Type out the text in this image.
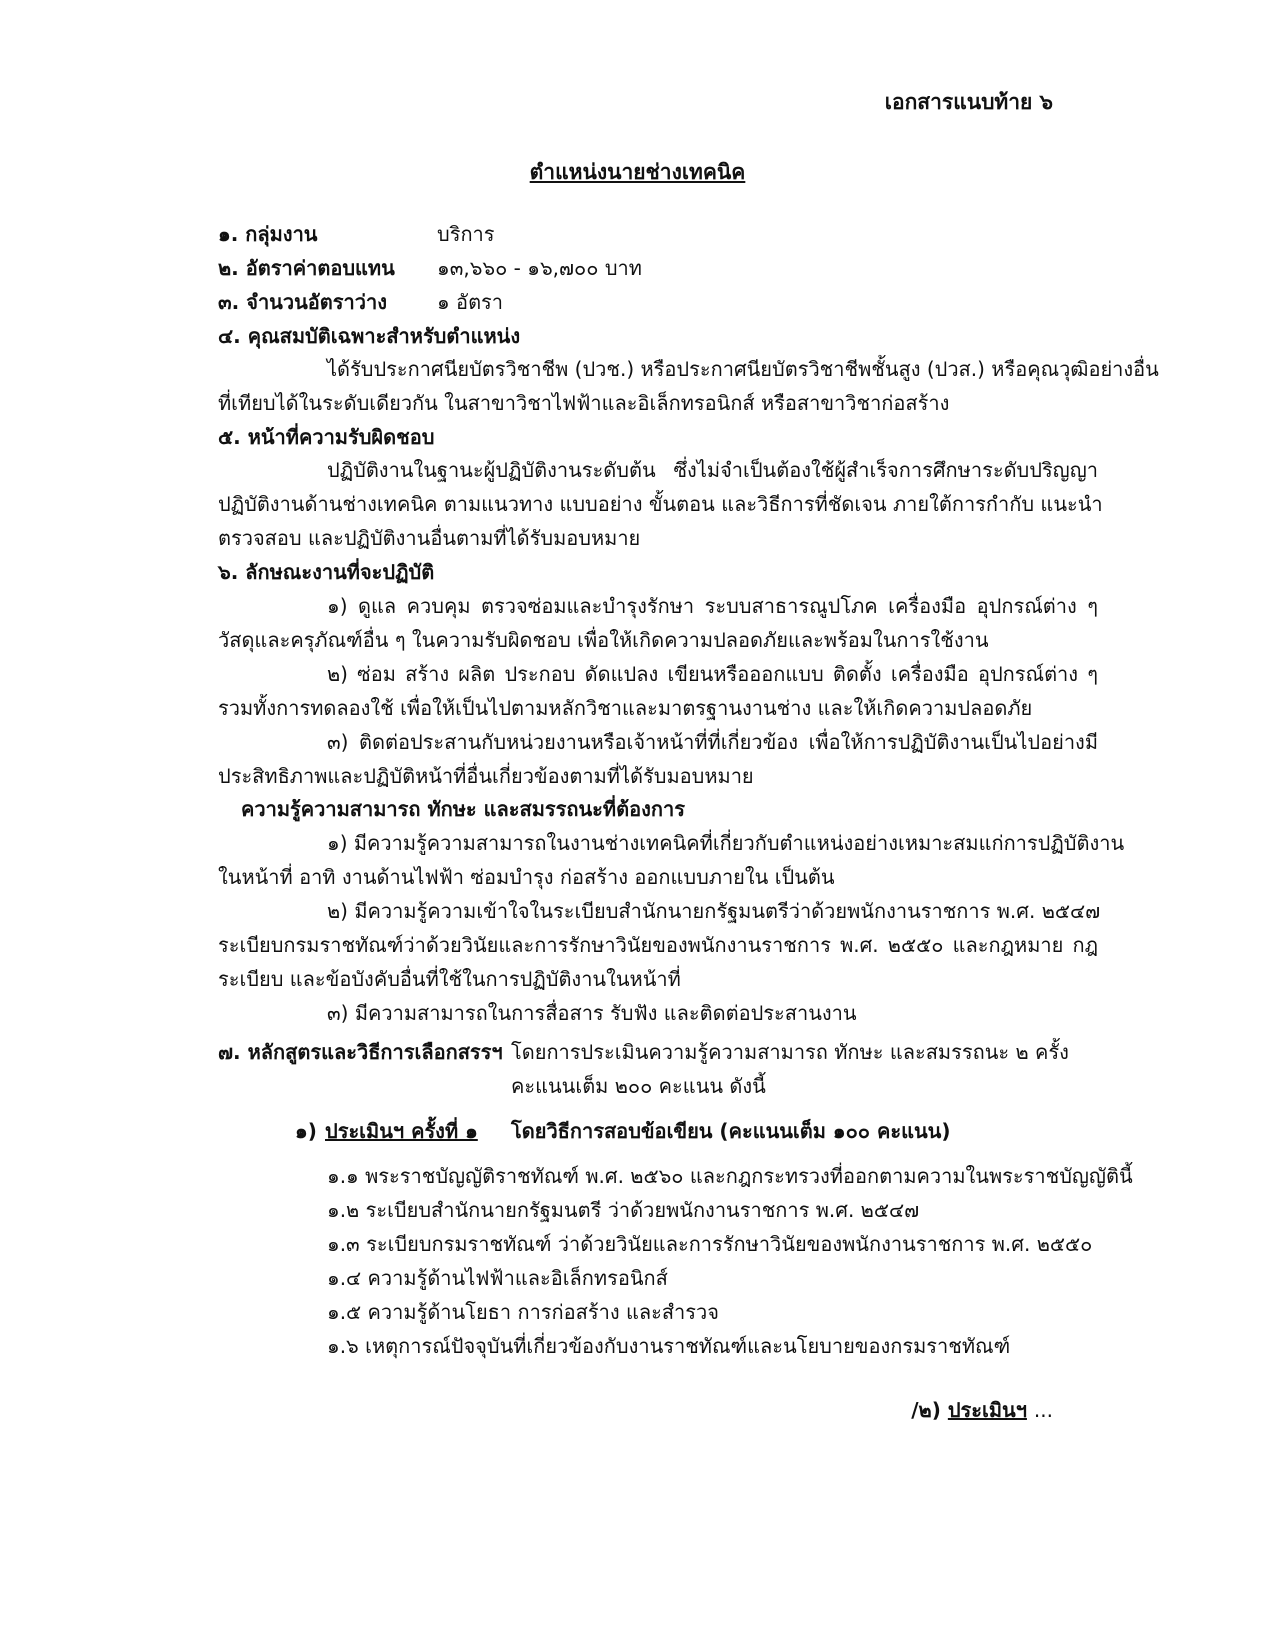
เอกสารแนบท้าย ๖
ตำแหน่งนายช่างเทคนิค
๑. กลุ่มงาน	บริการ
๒. อัตราค่าตอบแทน ๑๓,๖๖๐ - ๑๖,๗๐๐ บาท
๓. จำนวนอัตราว่าง	๑ อัตรา
๔. คุณสมบัติเฉพาะสำหรับตำแหน่ง
ได้รับประกาศนียบัตรวิชาชีพ (ปวช.) หรือประกาศนียบัตรวิชาชีพชั้นสูง (ปวส.) หรือคุณวุฒิอย่างอื่น
ที่เทียบได้ในระดับเดียวกัน ในสาขาวิชาไฟฟ้าและอิเล็กทรอนิกส์ หรือสาขาวิชาก่อสร้าง
๕. หน้าที่ความรับผิดชอบ
ปฏิบัติงานในฐานะผู้ปฏิบัติงานระดับต้น ซึ่งไม่จำเป็นต้องใช้ผู้สำเร็จการศึกษาระดับปริญญา
ปฏิบัติงานด้านช่างเทคนิค ตามแนวทาง แบบอย่าง ขั้นตอน และวิธีการที่ชัดเจน ภายใต้การกำกับ แนะนำ
ตรวจสอบ และปฏิบัติงานอื่นตามที่ได้รับมอบหมาย
๖. ลักษณะงานที่จะปฏิบัติ
๑) ดูแล ควบคุม ตรวจซ่อมและบำรุงรักษา ระบบสาธารณูปโภค เครื่องมือ อุปกรณ์ต่าง ๆ
วัสดุและครุภัณฑ์อื่น ๆ ในความรับผิดชอบ เพื่อให้เกิดความปลอดภัยและพร้อมในการใช้งาน
๒) ซ่อม สร้าง ผลิต ประกอบ ดัดแปลง เขียนหรือออกแบบ ติดตั้ง เครื่องมือ อุปกรณ์ต่าง ๆ
รวมทั้งการทดลองใช้ เพื่อให้เป็นไปตามหลักวิชาและมาตรฐานงานช่าง และให้เกิดความปลอดภัย
๓) ติดต่อประสานกับหน่วยงานหรือเจ้าหน้าที่ที่เกี่ยวข้อง เพื่อให้การปฏิบัติงานเป็นไปอย่างมี
ประสิทธิภาพและปฏิบัติหน้าที่อื่นเกี่ยวข้องตามที่ได้รับมอบหมาย
ความรู้ความสามารถ ทักษะ และสมรรถนะที่ต้องการ
๑) มีความรู้ความสามารถในงานช่างเทคนิคที่เกี่ยวกับตำแหน่งอย่างเหมาะสมแก่การปฏิบัติงาน
ในหน้าที่ อาทิ งานด้านไฟฟ้า ซ่อมบำรุง ก่อสร้าง ออกแบบภายใน เป็นต้น
๒) มีความรู้ความเข้าใจในระเบียบสำนักนายกรัฐมนตรีว่าด้วยพนักงานราชการ พ.ศ. ๒๕๔๗
ระเบียบกรมราชทัณฑ์ว่าด้วยวินัยและการรักษาวินัยของพนักงานราชการ พ.ศ. ๒๕๕๐ และกฎหมาย กฎ
ระเบียบ และข้อบังคับอื่นที่ใช้ในการปฏิบัติงานในหน้าที่
๓) มีความสามารถในการสื่อสาร รับฟัง และติดต่อประสานงาน
๗. หลักสูตรและวิธีการเลือกสรรฯ โดยการประเมินความรู้ความสามารถ ทักษะ และสมรรถนะ ๒ ครั้ง
คะแนนเต็ม ๒๐๐ คะแนน ดังนี้
๑) ประเมินฯ ครั้งที่ ๑ โดยวิธีการสอบข้อเขียน (คะแนนเต็ม ๑๐๐ คะแนน)
๑.๑ พระราชบัญญัติราชทัณฑ์ พ.ศ. ๒๕๖๐ และกฎกระทรวงที่ออกตามความในพระราชบัญญัตินี้
๑.๒ ระเบียบสำนักนายกรัฐมนตรี ว่าด้วยพนักงานราชการ พ.ศ. ๒๕๔๗
๑.๓ ระเบียบกรมราชทัณฑ์ ว่าด้วยวินัยและการรักษาวินัยของพนักงานราชการ พ.ศ. ๒๕๕๐
๑.๔ ความรู้ด้านไฟฟ้าและอิเล็กทรอนิกส์
๑.๕ ความรู้ด้านโยธา การก่อสร้าง และสำรวจ
๑.๖ เหตุการณ์ปัจจุบันที่เกี่ยวข้องกับงานราชทัณฑ์และนโยบายของกรมราชทัณฑ์
/๒) ประเมินฯ ...
